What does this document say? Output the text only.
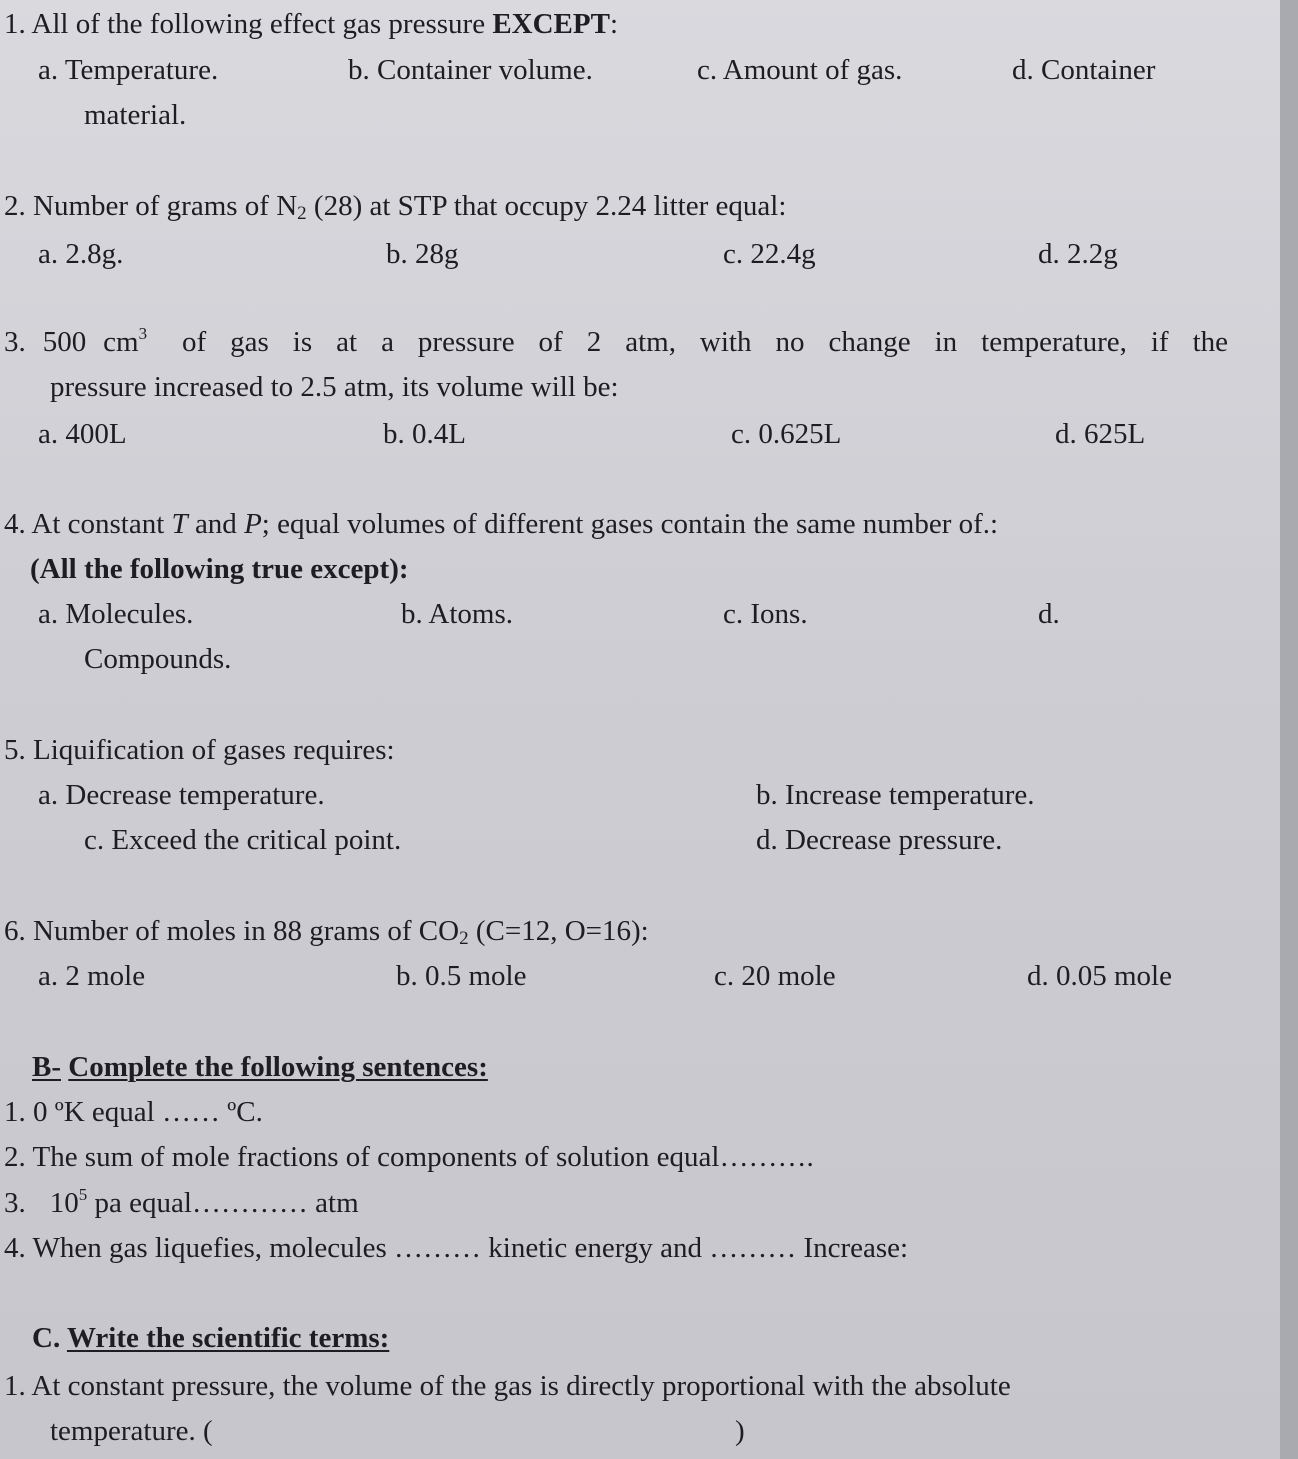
1. All of the following effect gas pressure EXCEPT:
a. Temperature.	b. Container volume.	c. Amount of gas.	d. Container
material.
2. Number of grams of $N_2$ (28) at STP that occupy 2.24 litter equal:
a. 2.8g.	b. 28g	c. 22.4g	d. 2.2g
3. 500 $cm^3$ of gas is at a pressure of 2 atm, with no change in temperature, if the
pressure increased to 2.5 atm, its volume will be:
a. 400L	b. 0.4L	c. 0.625L	d. 625L
4. At constant T and P; equal volumes of different gases contain the same number of.:
(All the following true except):
a. Molecules.	b. Atoms.	c. Ions.	d.
Compounds.
5. Liquification of gases requires:
a. Decrease temperature.	b. Increase temperature.
c. Exceed the critical point.	d. Decrease pressure.
6. Number of moles in 88 grams of $CO_2$ (C=12, O=16):
a. 2 mole	b. 0.5 mole	c. 20 mole	d. 0.05 mole
B- Complete the following sentences:
1. 0 ºK equal …… ºC.
2. The sum of mole fractions of components of solution equal……….
3. $10^5$ pa equal………… atm
4. When gas liquefies, molecules ……… kinetic energy and ……… Increase:
C. Write the scientific terms:
1. At constant pressure, the volume of the gas is directly proportional with the absolute
temperature. (	)
